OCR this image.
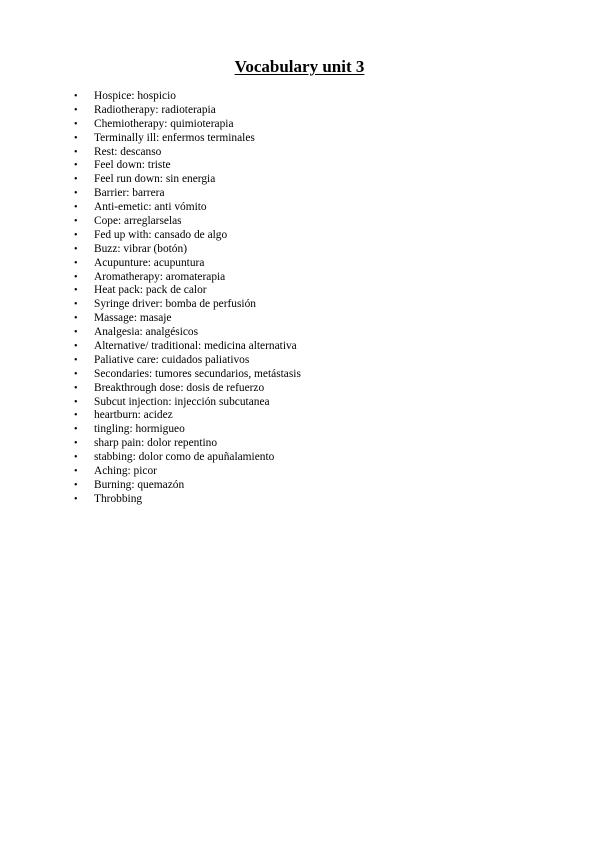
Vocabulary unit 3
•	Hospice: hospicio
•	Radiotherapy: radioterapia
•	Chemiotherapy: quimioterapia
•	Terminally ill: enfermos terminales
•	Rest: descanso
•	Feel down: triste
•	Feel run down: sin energia
•	Barrier: barrera
•	Anti-emetic: anti vómito
•	Cope: arreglarselas
•	Fed up with: cansado de algo
•	Buzz: vibrar (botón)
•	Acupunture: acupuntura
•	Aromatherapy: aromaterapia
•	Heat pack: pack de calor
•	Syringe driver: bomba de perfusión
•	Massage: masaje
•	Analgesia: analgésicos
•	Alternative/ traditional: medicina alternativa
•	Paliative care: cuidados paliativos
•	Secondaries: tumores secundarios, metástasis
•	Breakthrough dose: dosis de refuerzo
•	Subcut injection: injección subcutanea
•	heartburn: acidez
•	tingling: hormigueo
•	sharp pain: dolor repentino
•	stabbing: dolor como de apuñalamiento
•	Aching: picor
•	Burning: quemazón
•	Throbbing
